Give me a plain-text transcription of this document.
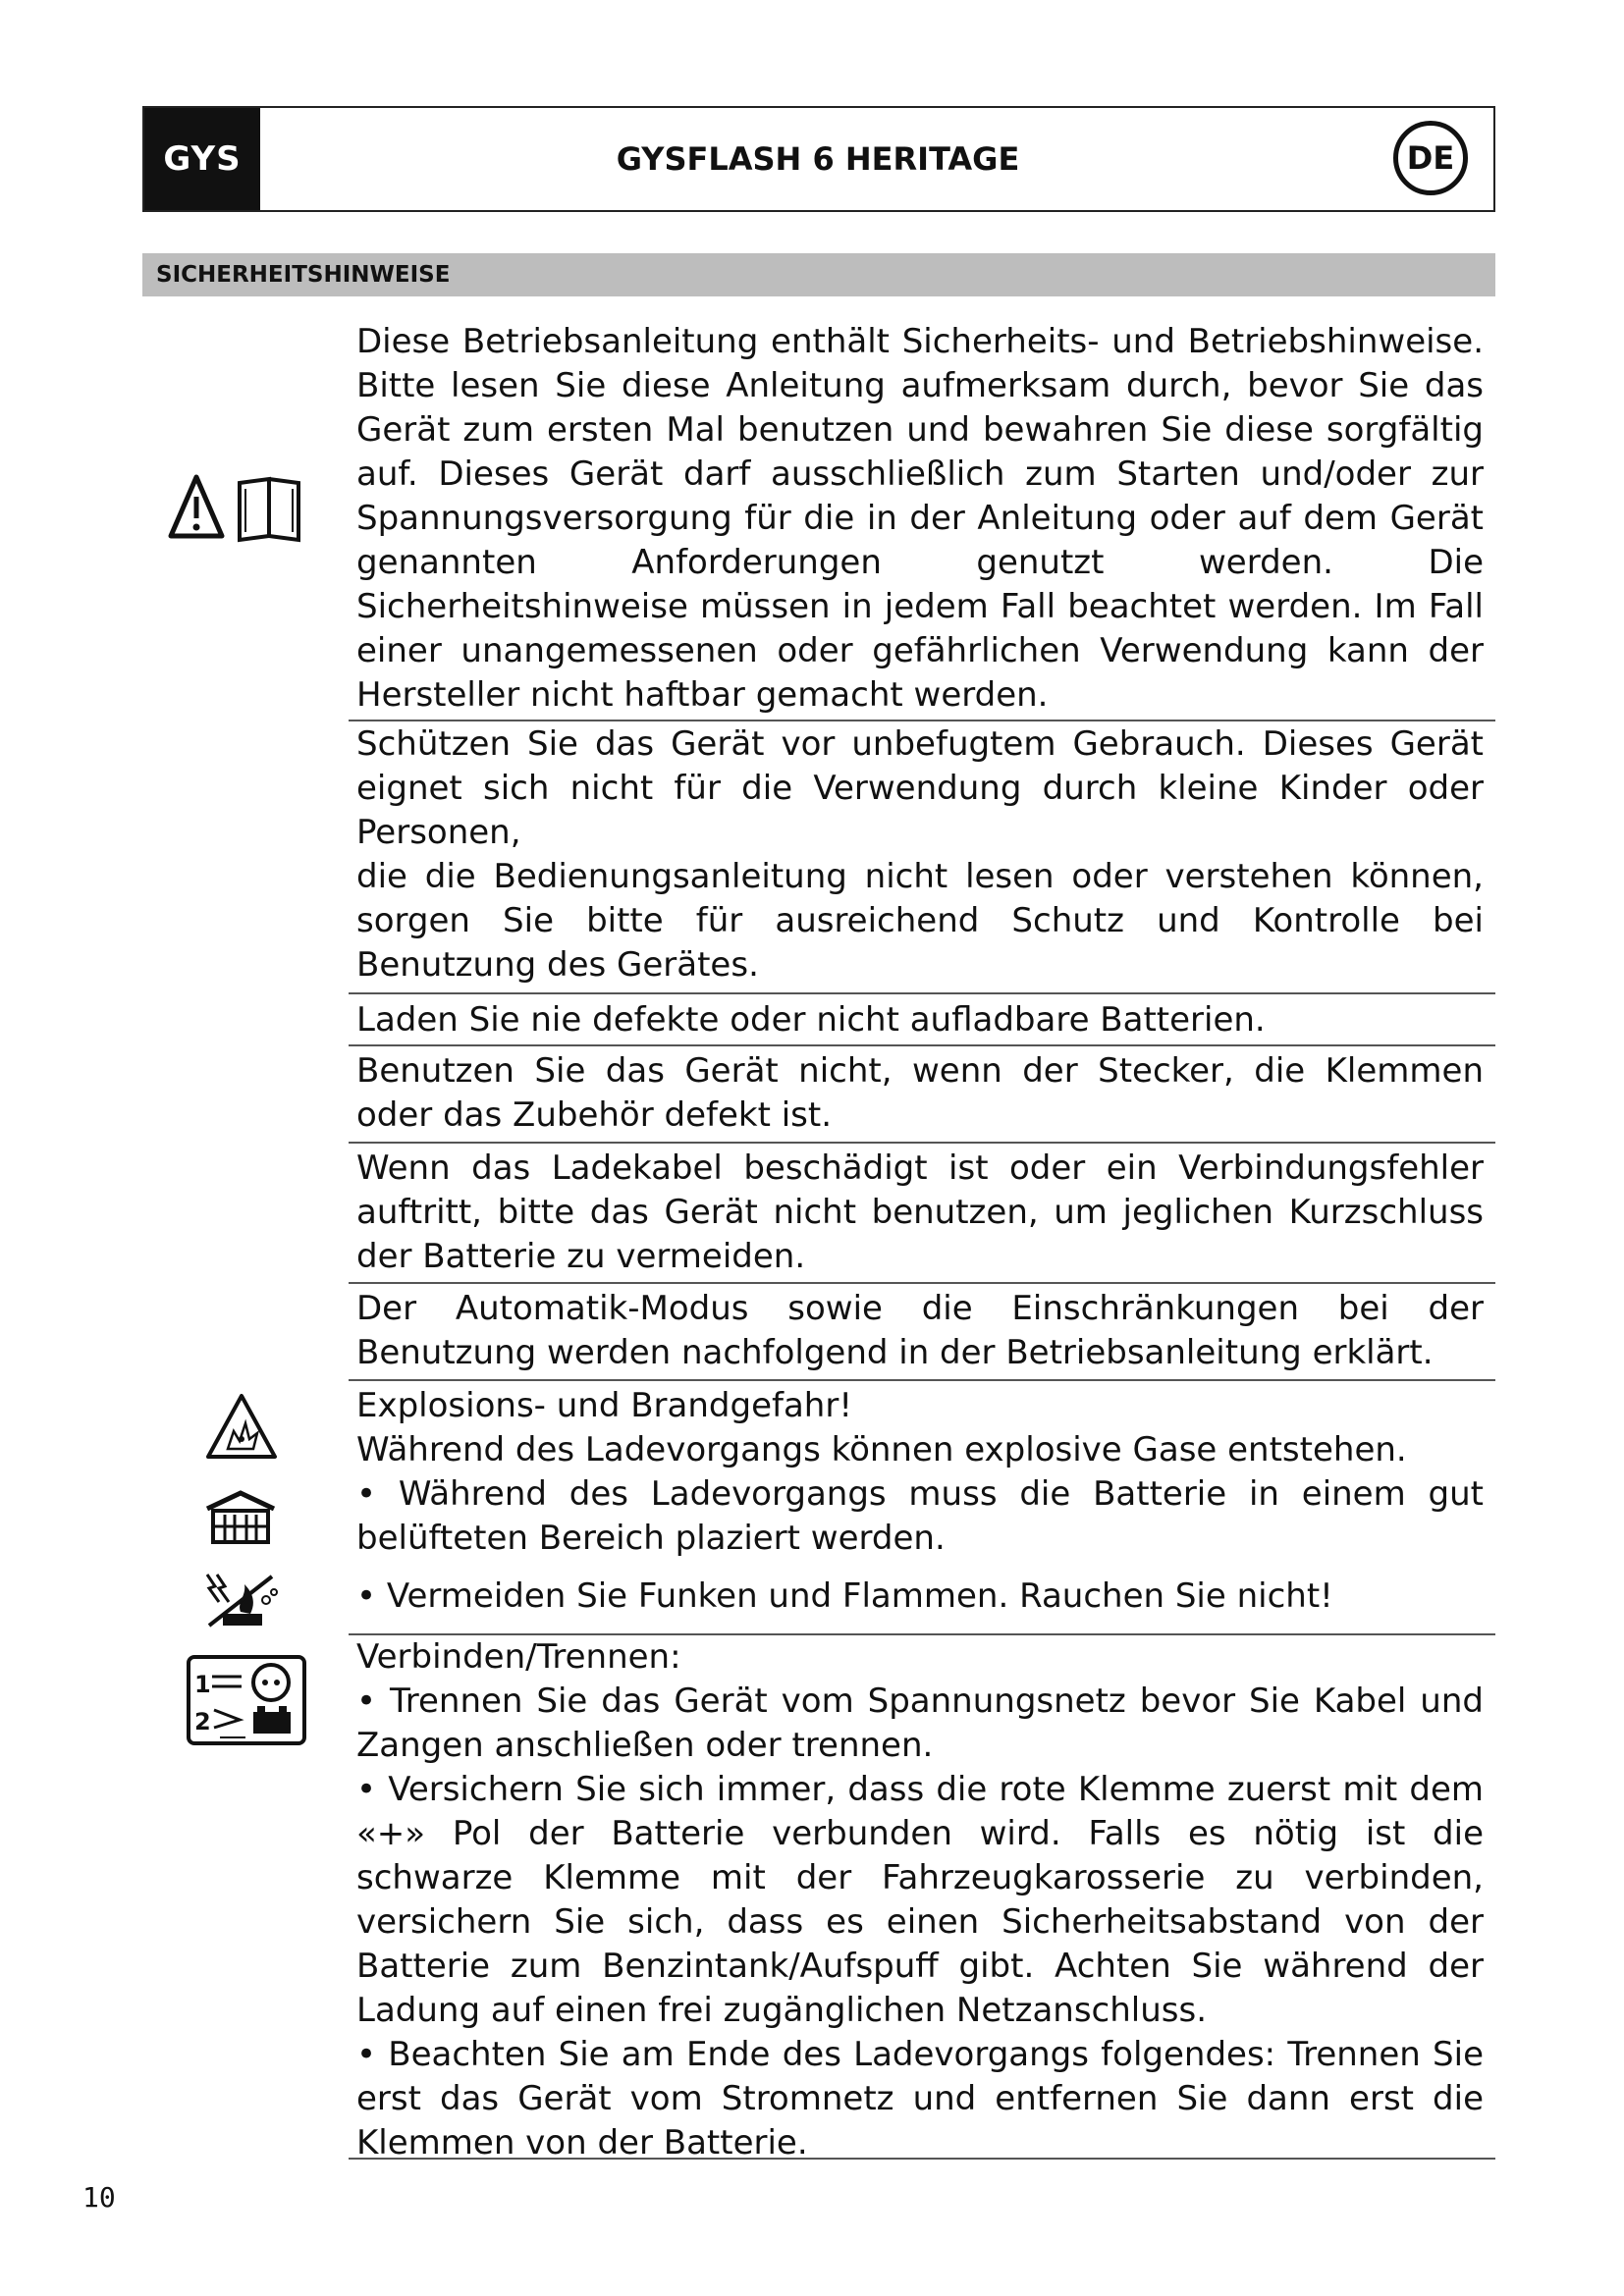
GYS	GYSFLASH 6 HERITAGE	DE
SICHERHEITSHINWEISE
Diese Betriebsanleitung enthält Sicherheits- und Betriebshinweise. Bitte lesen Sie diese Anleitung aufmerksam durch, bevor Sie das Gerät zum ersten Mal benutzen und bewahren Sie diese sorgfältig auf. Dieses Gerät darf ausschließlich zum Starten und/oder zur Spannungsversorgung für die in der Anleitung oder auf dem Gerät genannten Anforderungen genutzt werden. Die Sicherheitshinweise müssen in jedem Fall beachtet werden. Im Fall einer unangemessenen oder gefährlichen Verwendung kann der Hersteller nicht haftbar gemacht werden.
Schützen Sie das Gerät vor unbefugtem Gebrauch. Dieses Gerät eignet sich nicht für die Verwendung durch kleine Kinder oder Personen,
die die Bedienungsanleitung nicht lesen oder verstehen können, sorgen Sie bitte für ausreichend Schutz und Kontrolle bei Benutzung des Gerätes.
Laden Sie nie defekte oder nicht aufladbare Batterien.
Benutzen Sie das Gerät nicht, wenn der Stecker, die Klemmen oder das Zubehör defekt ist.
Wenn das Ladekabel beschädigt ist oder ein Verbindungsfehler auftritt, bitte das Gerät nicht benutzen, um jeglichen Kurzschluss der Batterie zu vermeiden.
Der Automatik-Modus sowie die Einschränkungen bei der Benutzung werden nachfolgend in der Betriebsanleitung erklärt.
Explosions- und Brandgefahr!
Während des Ladevorgangs können explosive Gase entstehen.
• Während des Ladevorgangs muss die Batterie in einem gut belüfteten Bereich plaziert werden.
• Vermeiden Sie Funken und Flammen. Rauchen Sie nicht!
1
2
Verbinden/Trennen:
• Trennen Sie das Gerät vom Spannungsnetz bevor Sie Kabel und Zangen anschließen oder trennen.
• Versichern Sie sich immer, dass die rote Klemme zuerst mit dem «+» Pol der Batterie verbunden wird. Falls es nötig ist die schwarze Klemme mit der Fahrzeugkarosserie zu verbinden, versichern Sie sich, dass es einen Sicherheitsabstand von der Batterie zum Benzintank/Aufspuff gibt. Achten Sie während der Ladung auf einen frei zugänglichen Netzanschluss.
• Beachten Sie am Ende des Ladevorgangs folgendes: Trennen Sie erst das Gerät vom Stromnetz und entfernen Sie dann erst die Klemmen von der Batterie.
10
